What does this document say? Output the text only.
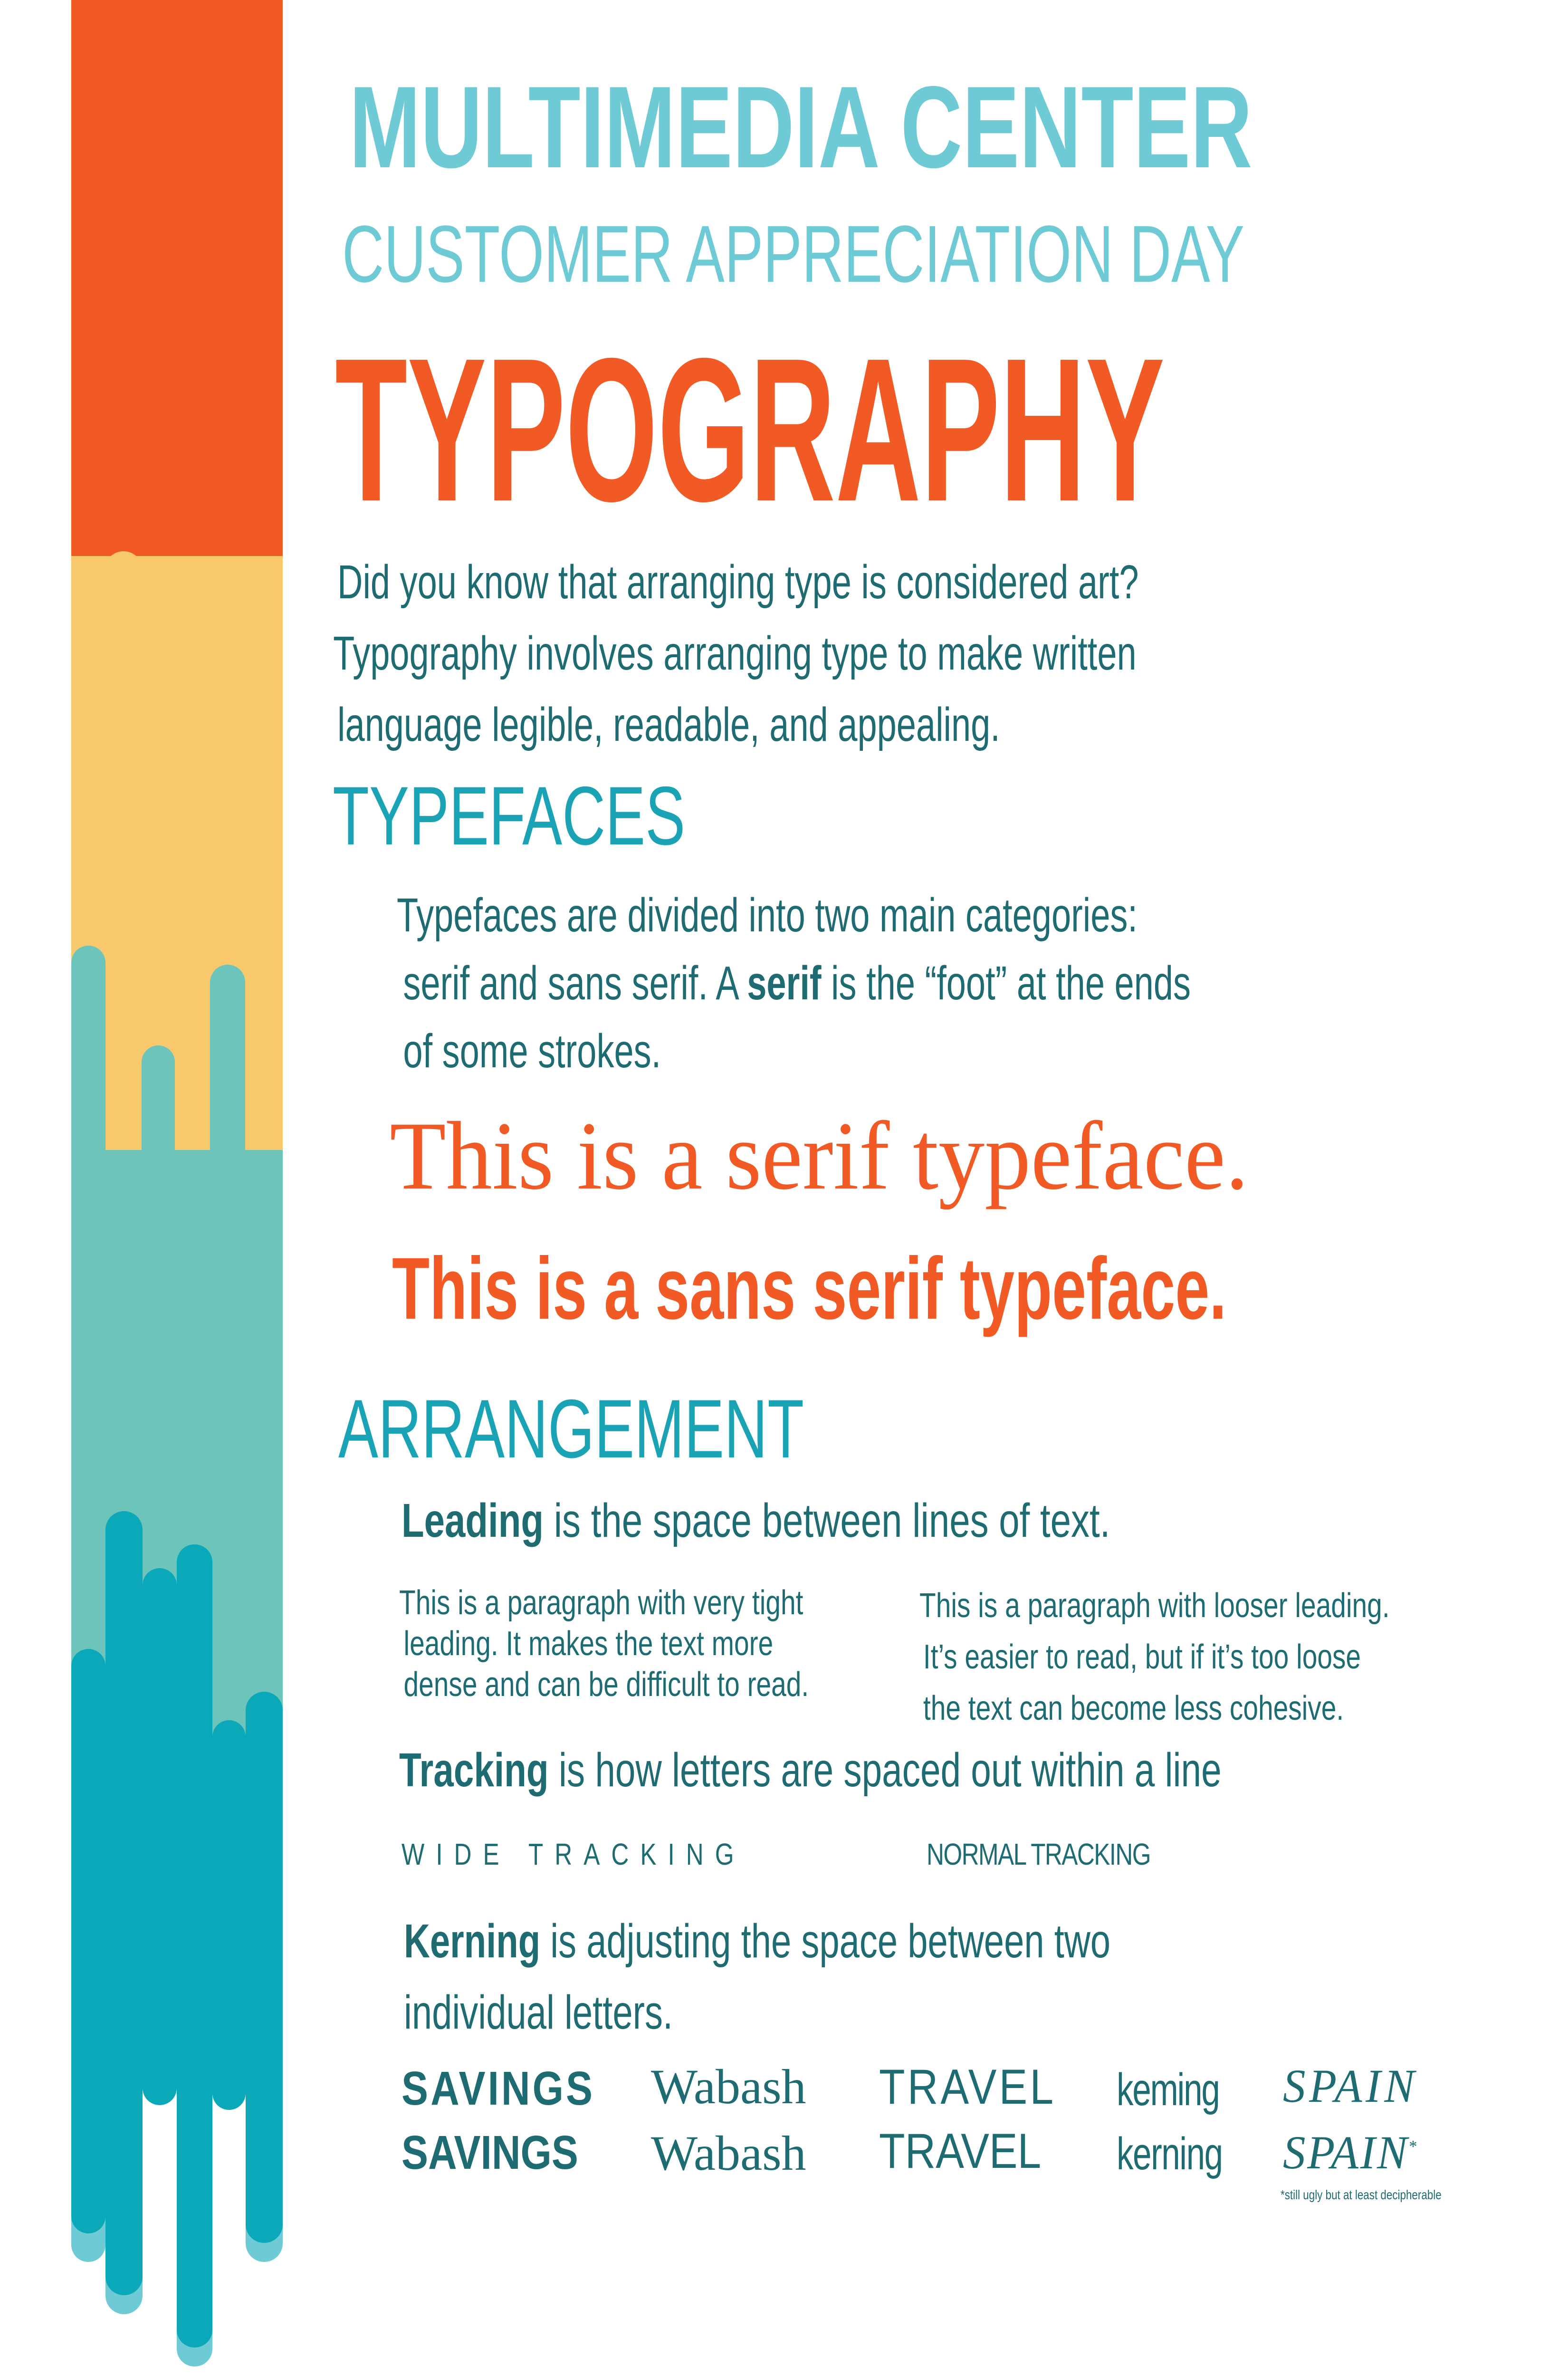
MULTIMEDIA CENTER
CUSTOMER APPRECIATION DAY
TYPOGRAPHY
Did you know that arranging type is considered art?
Typography involves arranging type to make written
language legible, readable, and appealing.
TYPEFACES
Typefaces are divided into two main categories:
serif and sans serif. A serif is the “foot” at the ends
of some strokes.
This is a serif typeface.
This is a sans serif typeface.
ARRANGEMENT
Leading is the space between lines of text.
This is a paragraph with very tight
leading. It makes the text more
dense and can be difficult to read.
This is a paragraph with looser leading.
It’s easier to read, but if it’s too loose
the text can become less cohesive.
Tracking is how letters are spaced out within a line
WIDE TRACKING	NORMAL TRACKING
Kerning is adjusting the space between two
individual letters.
SAVINGS Wabash TRAVEL keming SPAIN
SAVINGS Wabash TRAVEL kerning SPAIN*
*still ugly but at least decipherable
